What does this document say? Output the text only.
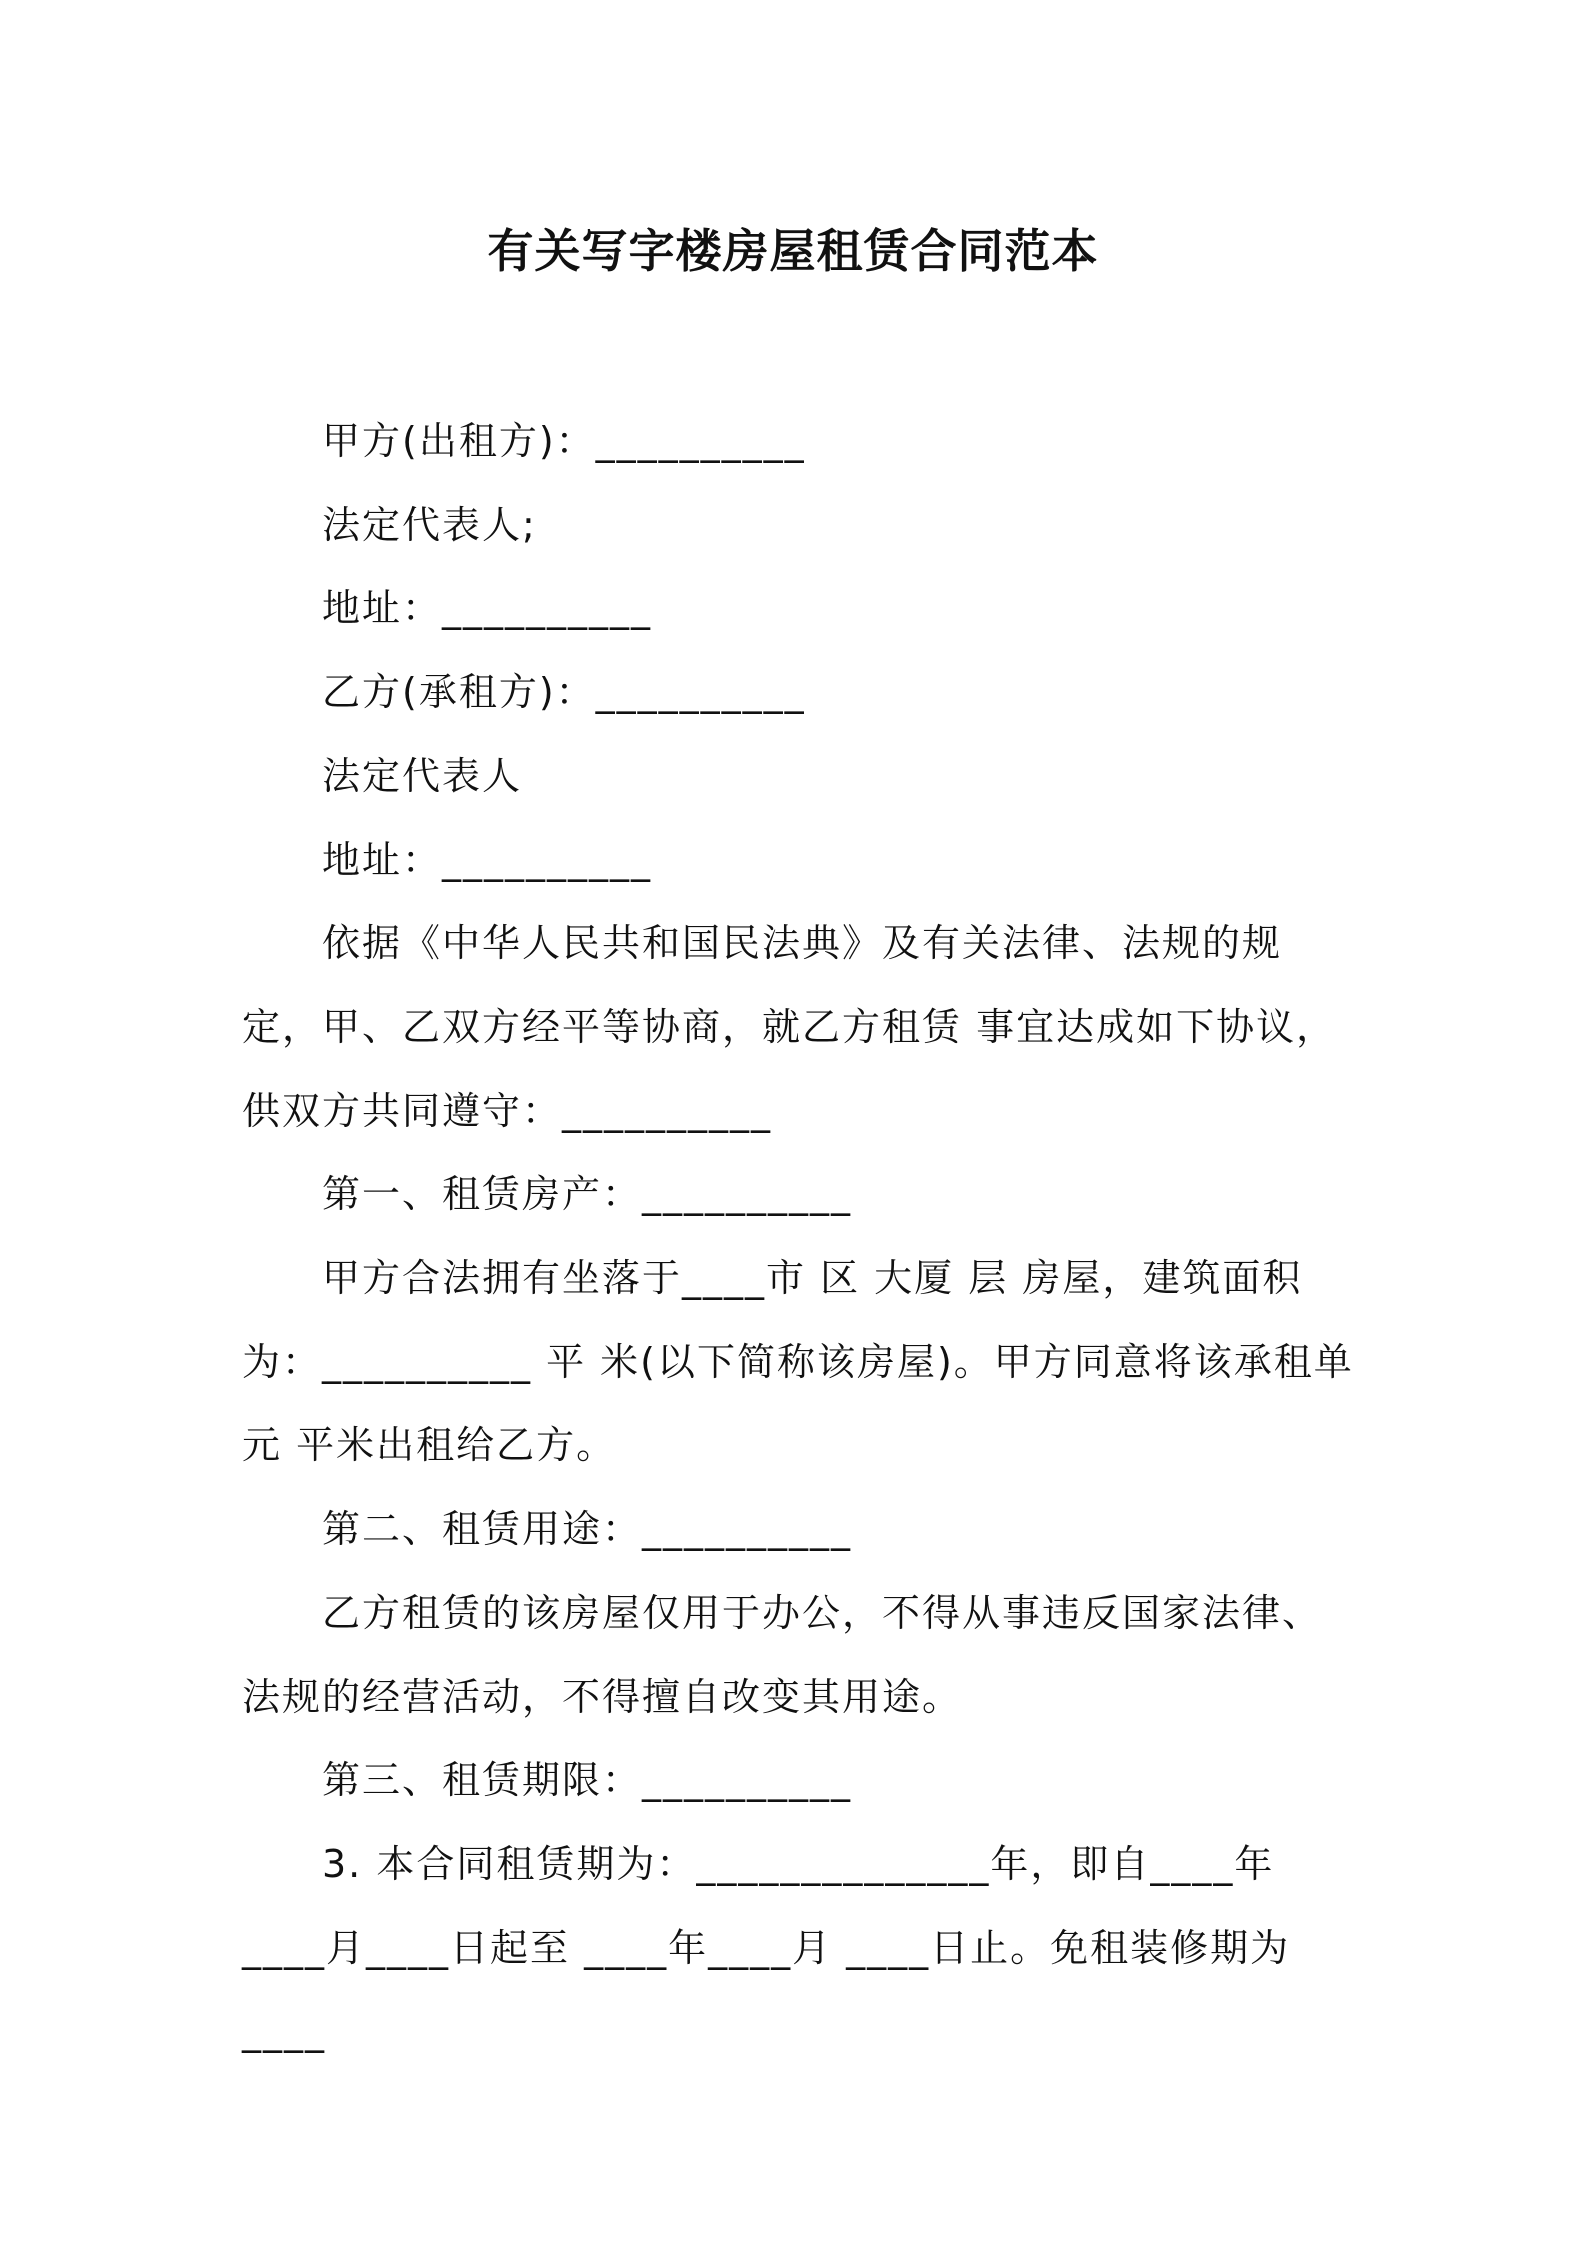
有关写字楼房屋租赁合同范本

甲方(出租方)：__________

法定代表人;

地址：__________

乙方(承租方)：__________

法定代表人

地址：__________

依据《中华人民共和国民法典》及有关法律、法规的规定，甲、乙双方经平等协商，就乙方租赁 事宜达成如下协议，供双方共同遵守：__________

第一、租赁房产：__________

甲方合法拥有坐落于____市 区 大厦 层 房屋，建筑面积为：__________ 平 米(以下简称该房屋)。甲方同意将该承租单元 平米出租给乙方。

第二、租赁用途：__________

乙方租赁的该房屋仅用于办公，不得从事违反国家法律、法规的经营活动，不得擅自改变其用途。

第三、租赁期限：__________

3. 本合同租赁期为：______________年，即自____年____月____日起至 ____年____月 ____日止。免租装修期为____
